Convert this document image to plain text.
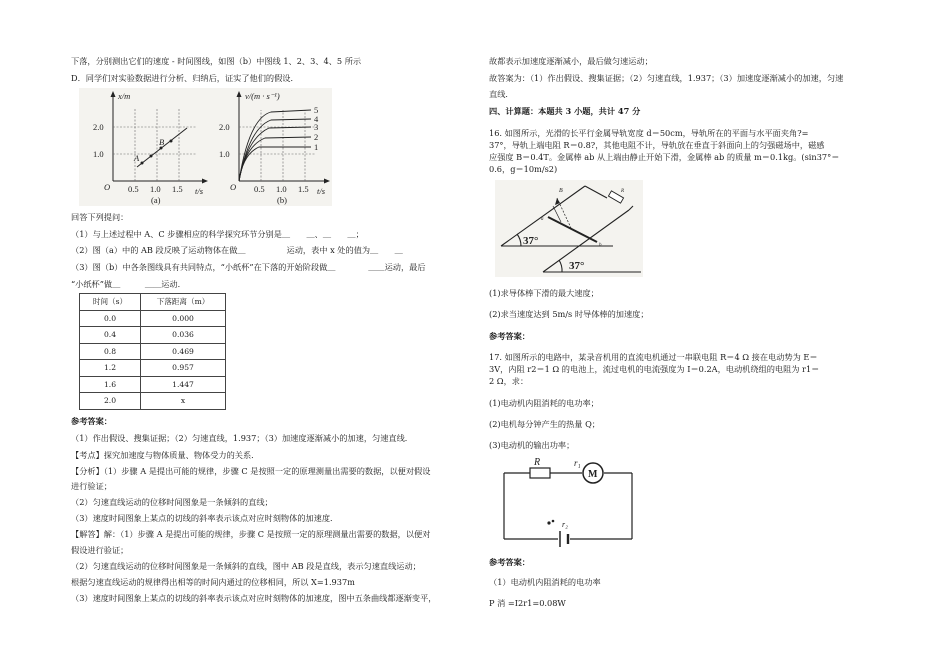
下落，分别测出它们的速度 - 时间图线，如图（b）中图线 1、2、3、4、5 所示
D．同学们对实验数据进行分析、归纳后，证实了他们的假设．
x/m
t/s
2.0
1.0
0.5 1.0 1.5
O
A
B
(a)
v/(m · s⁻¹)
t/s
2.0
1.0
0.5 1.0 1.5
O
5
4
3
2
1
(b)
回答下列提问：
（1）与上述过程中 A、C 步骤相应的科学探究环节分别是＿　　＿、＿　　＿；
（2）图（a）中的 AB 段反映了运动物体在做＿　　　　　运动，表中 x 处的值为＿　　＿
（3）图（b）中各条图线具有共同特点，“小纸杯”在下落的开始阶段做＿　　　　＿＿运动，最后
“小纸杯”做＿　　　＿＿运动．
时间（s）	下落距离（m）
0.0	0.000
0.4	0.036
0.8	0.469
1.2	0.957
1.6	1.447
2.0	x
参考答案：
（1）作出假设、搜集证据；（2）匀速直线，1.937；（3）加速度逐渐减小的加速，匀速直线．
【考点】探究加速度与物体质量、物体受力的关系．
【分析】（1）步骤 A 是提出可能的规律，步骤 C 是按照一定的原理测量出需要的数据，以便对假设
进行验证；
（2）匀速直线运动的位移时间图象是一条倾斜的直线；
（3）速度时间图象上某点的切线的斜率表示该点对应时刻物体的加速度．
【解答】解：（1）步骤 A 是提出可能的规律，步骤 C 是按照一定的原理测量出需要的数据，以便对
假设进行验证；
（2）匀速直线运动的位移时间图象是一条倾斜的直线，图中 AB 段是直线，表示匀速直线运动；
根据匀速直线运动的规律得出相等的时间内通过的位移相同，所以 X=1.937m
（3）速度时间图象上某点的切线的斜率表示该点对应时刻物体的加速度，图中五条曲线都逐渐变平，
故都表示加速度逐渐减小，最后做匀速运动；
故答案为：（1）作出假设、搜集证据；（2）匀速直线，1.937；（3）加速度逐渐减小的加速，匀速
直线．
四、计算题：本题共 3 小题，共计 47 分
16. 如图所示，光滑的长平行金属导轨宽度 d＝50cm，导轨所在的平面与水平面夹角?=
37°，导轨上端电阻 R＝0.8?，其他电阻不计，导轨放在垂直于斜面向上的匀强磁场中，磁感
应强度 B＝0.4T。金属棒 ab 从上端由静止开始下滑，金属棒 ab 的质量 m＝0.1kg。(sin37°＝
0.6，g＝10m/s2)
37°
37°
a
b
B	R
(1)求导体棒下滑的最大速度；
(2)求当速度达到 5m/s 时导体棒的加速度；
参考答案：
17. 如图所示的电路中，某录音机用的直流电机通过一串联电阻 R＝4 Ω 接在电动势为 E＝
3V，内阻 r2＝1 Ω 的电池上，流过电机的电流强度为 I＝0.2A，电动机绕组的电阻为 r1＝
2 Ω，求：
(1)电动机内阻消耗的电功率；
(2)电机每分钟产生的热量 Q；
(3)电动机的输出功率；
R	r₁
M
r₂
参考答案：
（1）电动机内阻消耗的电功率
P 消 =I2r1=0.08W
